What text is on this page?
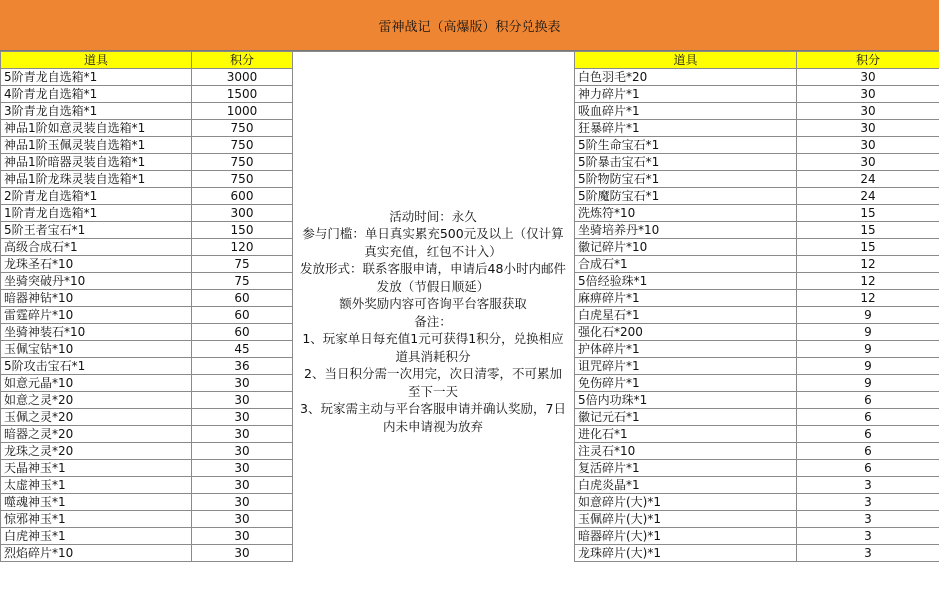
雷神战记（高爆版）积分兑换表
道具	积分
5阶青龙自选箱*1	3000
4阶青龙自选箱*1	1500
3阶青龙自选箱*1	1000
神品1阶如意灵装自选箱*1	750
神品1阶玉佩灵装自选箱*1	750
神品1阶暗器灵装自选箱*1	750
神品1阶龙珠灵装自选箱*1	750
2阶青龙自选箱*1	600
1阶青龙自选箱*1	300
5阶王者宝石*1	150
高级合成石*1	120
龙珠圣石*10	75
坐骑突破丹*10	75
暗器神钻*10	60
雷霆碎片*10	60
坐骑神装石*10	60
玉佩宝钻*10	45
5阶攻击宝石*1	36
如意元晶*10	30
如意之灵*20	30
玉佩之灵*20	30
暗器之灵*20	30
龙珠之灵*20	30
天晶神玉*1	30
太虚神玉*1	30
噬魂神玉*1	30
惊邪神玉*1	30
白虎神玉*1	30
烈焰碎片*10	30

活动时间：永久

参与门槛：单日真实累充500元及以上（仅计算真实充值，红包不计入）

发放形式：联系客服申请，申请后48小时内邮件发放（节假日顺延）

额外奖励内容可咨询平台客服获取

备注：

1、玩家单日每充值1元可获得1积分，兑换相应道具消耗积分

2、当日积分需一次用完，次日清零，不可累加至下一天

3、玩家需主动与平台客服申请并确认奖励，7日内未申请视为放弃

道具	积分
白色羽毛*20	30
神力碎片*1	30
吸血碎片*1	30
狂暴碎片*1	30
5阶生命宝石*1	30
5阶暴击宝石*1	30
5阶物防宝石*1	24
5阶魔防宝石*1	24
洗炼符*10	15
坐骑培养丹*10	15
徽记碎片*10	15
合成石*1	12
5倍经验珠*1	12
麻痹碎片*1	12
白虎星石*1	9
强化石*200	9
护体碎片*1	9
诅咒碎片*1	9
免伤碎片*1	9
5倍内功珠*1	6
徽记元石*1	6
进化石*1	6
注灵石*10	6
复活碎片*1	6
白虎炎晶*1	3
如意碎片(大)*1	3
玉佩碎片(大)*1	3
暗器碎片(大)*1	3
龙珠碎片(大)*1	3
